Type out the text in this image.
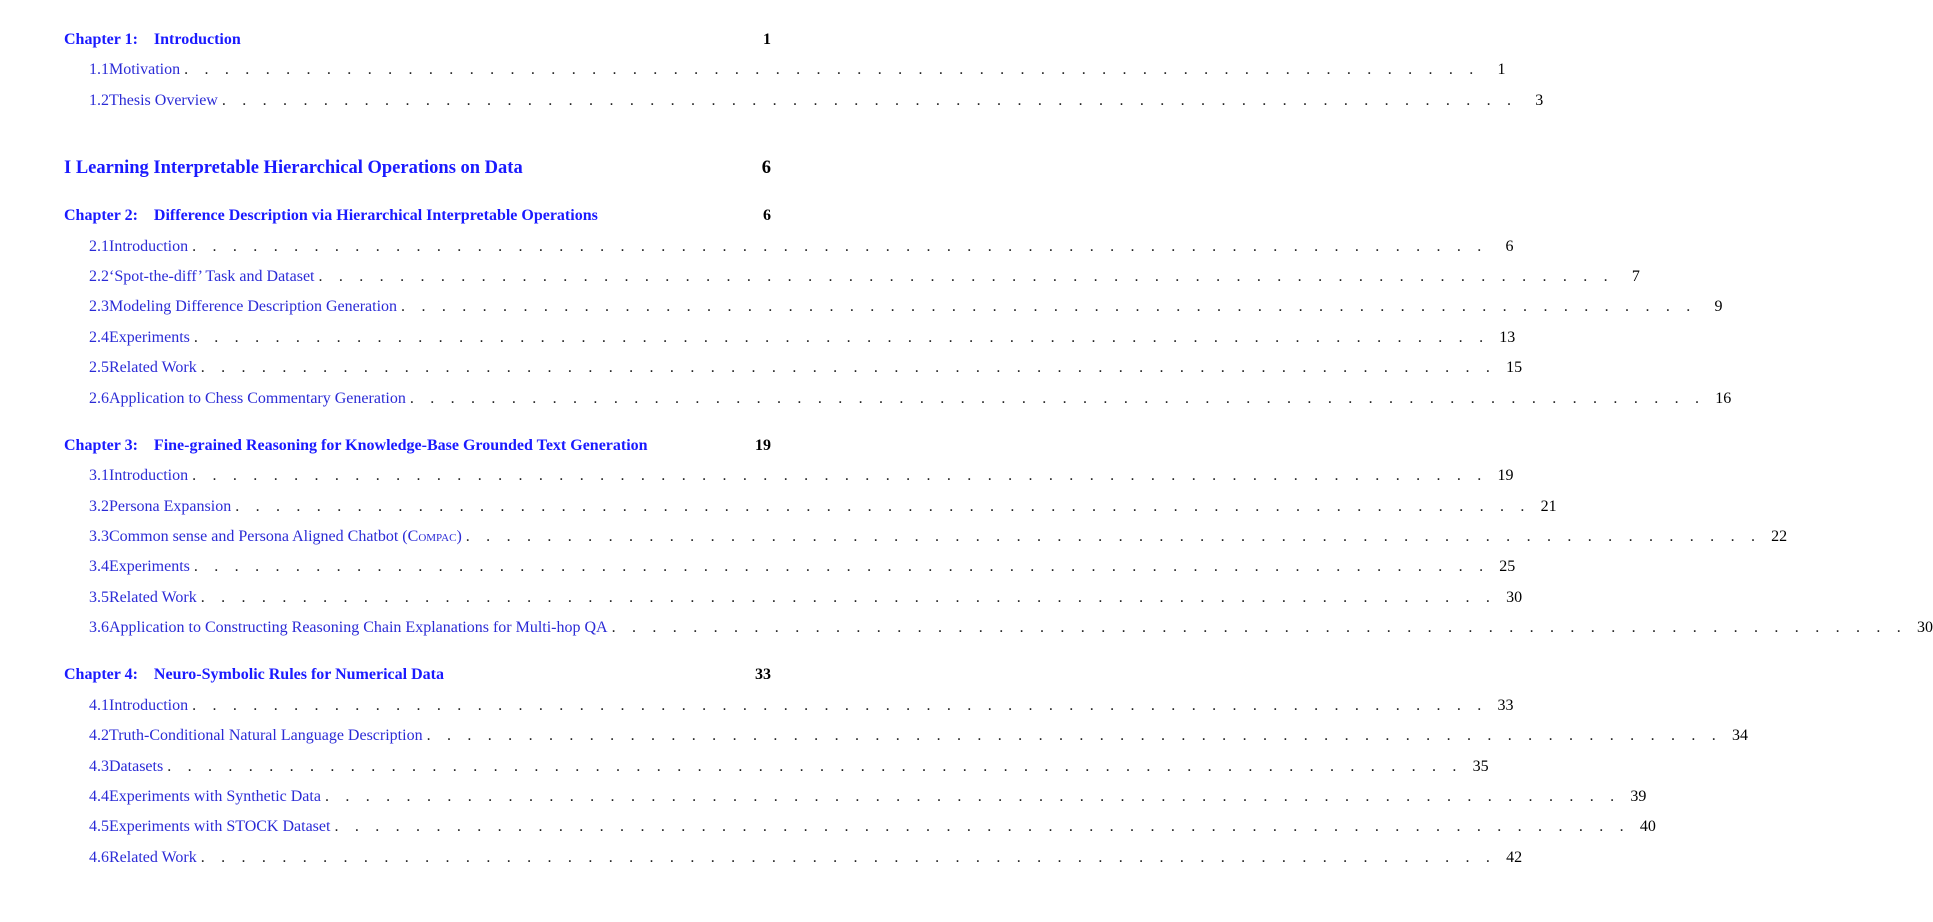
Chapter 1: Introduction	1
1.1 Motivation . . . . . . . . . . . . . . . . . . . . . . . . . . . . . . . . . . . . . . . . . . . . . . . . . . . . . . . . . . . . . . . .	1
1.2 Thesis Overview . . . . . . . . . . . . . . . . . . . . . . . . . . . . . . . . . . . . . . . . . . . . . . . . . . . . . . . . . . . . . . . .	3
I Learning Interpretable Hierarchical Operations on Data	6
Chapter 2: Difference Description via Hierarchical Interpretable Operations	6
2.1 Introduction . . . . . . . . . . . . . . . . . . . . . . . . . . . . . . . . . . . . . . . . . . . . . . . . . . . . . . . . . . . . . . . .	6
2.2 ‘Spot-the-diff’ Task and Dataset . . . . . . . . . . . . . . . . . . . . . . . . . . . . . . . . . . . . . . . . . . . . . . . . . . . . . . . . . . . . . . . .	7
2.3 Modeling Difference Description Generation . . . . . . . . . . . . . . . . . . . . . . . . . . . . . . . . . . . . . . . . . . . . . . . . . . . . . . . . . . . . . . . .	9
2.4 Experiments . . . . . . . . . . . . . . . . . . . . . . . . . . . . . . . . . . . . . . . . . . . . . . . . . . . . . . . . . . . . . . . . 13
2.5 Related Work . . . . . . . . . . . . . . . . . . . . . . . . . . . . . . . . . . . . . . . . . . . . . . . . . . . . . . . . . . . . . . . . 15
2.6 Application to Chess Commentary Generation . . . . . . . . . . . . . . . . . . . . . . . . . . . . . . . . . . . . . . . . . . . . . . . . . . . . . . . . . . . . . . . . 16
Chapter 3: Fine-grained Reasoning for Knowledge-Base Grounded Text Generation	19
3.1 Introduction . . . . . . . . . . . . . . . . . . . . . . . . . . . . . . . . . . . . . . . . . . . . . . . . . . . . . . . . . . . . . . . . 19
3.2 Persona Expansion . . . . . . . . . . . . . . . . . . . . . . . . . . . . . . . . . . . . . . . . . . . . . . . . . . . . . . . . . . . . . . . . 21
3.3 Common sense and Persona Aligned Chatbot (Compac) . . . . . . . . . . . . . . . . . . . . . . . . . . . . . . . . . . . . . . . . . . . . . . . . . . . . . . . . . . . . . . . . 22
3.4 Experiments . . . . . . . . . . . . . . . . . . . . . . . . . . . . . . . . . . . . . . . . . . . . . . . . . . . . . . . . . . . . . . . . 25
3.5 Related Work . . . . . . . . . . . . . . . . . . . . . . . . . . . . . . . . . . . . . . . . . . . . . . . . . . . . . . . . . . . . . . . . 30
3.6 Application to Constructing Reasoning Chain Explanations for Multi-hop QA . . . . . . . . . . . . . . . . . . . . . . . . . . . . . . . . . . . . . . . . . . . . . . . . . . . . . . . . . . . . . . . . 30
Chapter 4: Neuro-Symbolic Rules for Numerical Data	33
4.1 Introduction . . . . . . . . . . . . . . . . . . . . . . . . . . . . . . . . . . . . . . . . . . . . . . . . . . . . . . . . . . . . . . . . 33
4.2 Truth-Conditional Natural Language Description . . . . . . . . . . . . . . . . . . . . . . . . . . . . . . . . . . . . . . . . . . . . . . . . . . . . . . . . . . . . . . . . 34
4.3 Datasets . . . . . . . . . . . . . . . . . . . . . . . . . . . . . . . . . . . . . . . . . . . . . . . . . . . . . . . . . . . . . . . . 35
4.4 Experiments with Synthetic Data . . . . . . . . . . . . . . . . . . . . . . . . . . . . . . . . . . . . . . . . . . . . . . . . . . . . . . . . . . . . . . . . 39
4.5 Experiments with STOCK Dataset . . . . . . . . . . . . . . . . . . . . . . . . . . . . . . . . . . . . . . . . . . . . . . . . . . . . . . . . . . . . . . . . 40
4.6 Related Work . . . . . . . . . . . . . . . . . . . . . . . . . . . . . . . . . . . . . . . . . . . . . . . . . . . . . . . . . . . . . . . . 42
